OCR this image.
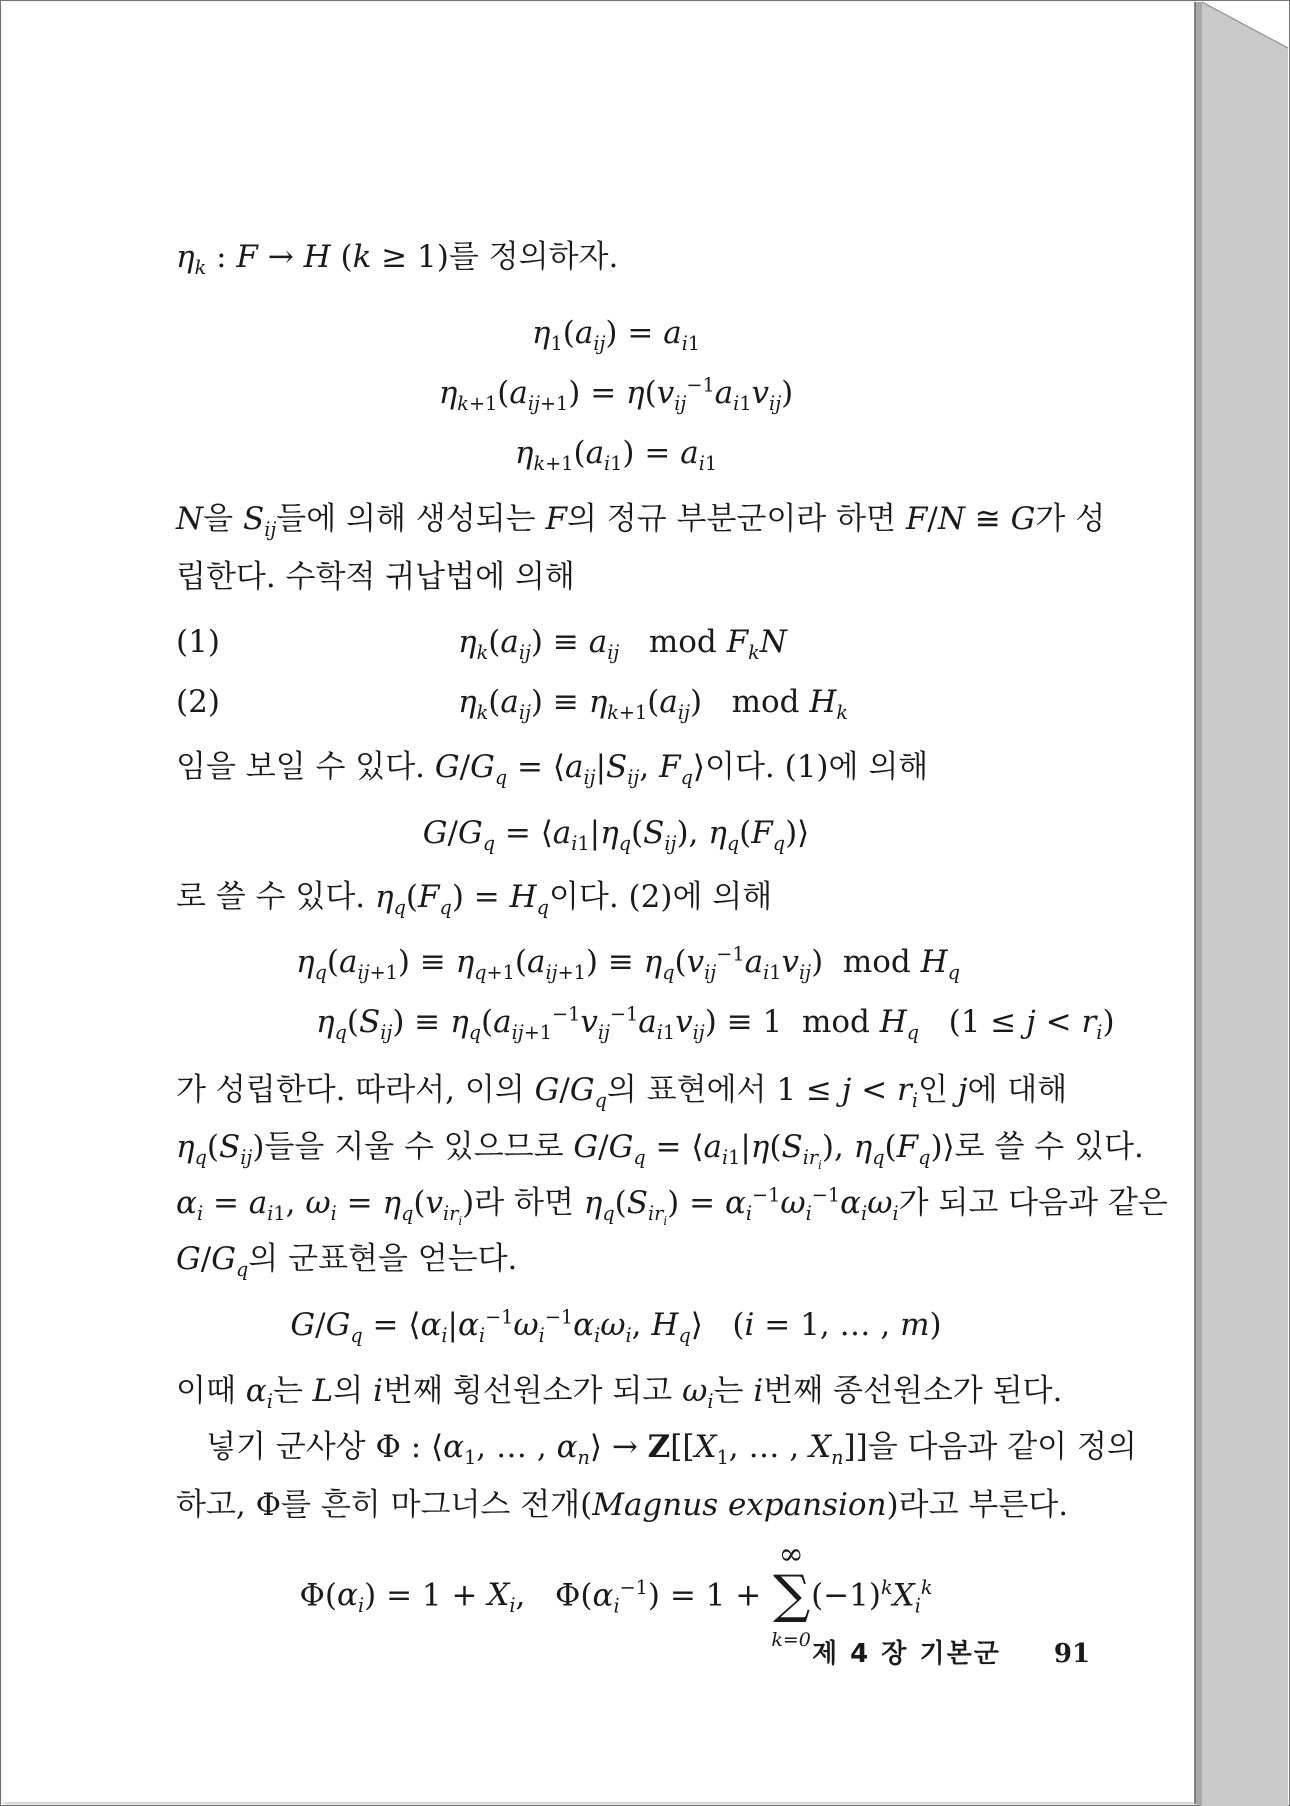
$\eta_k$ : F → H (k ≥ 1)를 정의하자.
$\eta_1(a_{ij}) = a_{i1}$
$\eta_{k+1}(a_{ij+1}) = \eta(v_{ij}^{-1}a_{i1}v_{ij})$
$\eta_{k+1}(a_{i1}) = a_{i1}$
N을 $S_{ij}$들에 의해 생성되는 F의 정규 부분군이라 하면 F/N ≅ G가 성
립한다. 수학적 귀납법에 의해
(1)	$\eta_k(a_{ij}) \equiv a_{ij}$ mod $F_kN$
(2)	$\eta_k(a_{ij}) \equiv \eta_{k+1}(a_{ij})$   mod $H_k$
임을 보일 수 있다. $G/G_q$ = $⟨a_{ij}|S_{ij}$, $F_q⟩$이다. (1)에 의해
$G/G_q$ = $⟨a_{i1}|\eta_q(S_{ij})$, $\eta_q(F_q)⟩$
로 쓸 수 있다. $\eta_q(F_q) = H_q$이다. (2)에 의해
$\eta_q(a_{ij+1}) \equiv \eta_{q+1}(a_{ij+1}) \equiv \eta_q(v_{ij}^{-1}a_{i1}v_{ij})$  mod $H_q$
$\eta_q(S_{ij}) \equiv \eta_q(a_{ij+1}^{-1}v_{ij}^{-1}a_{i1}v_{ij}) \equiv 1$  mod $H_q$   $(1 \le j < r_i)$
가 성립한다. 따라서, 이의 $G/G_q$의 표현에서 $1 \le j < r_i$인 j에 대해
$\eta_q(S_{ij})$들을 지울 수 있으므로 $G/G_q$ = $⟨a_{i1}|\eta(S_{ir_i})$, $\eta_q(F_q)⟩$로 쓸 수 있다.
$\alpha_i = a_{i1}$, $\omega_i = \eta_q(v_{ir_i})$라 하면 $\eta_q(S_{ir_i}) = \alpha_i^{-1}\omega_i^{-1}\alpha_i\omega_i$가 되고 다음과 같은
$G/G_q$의 군표현을 얻는다.
$G/G_q$ = $⟨\alpha_i|\alpha_i^{-1}\omega_i^{-1}\alpha_i\omega_i$, $H_q⟩$   (i = 1, … , m)
이때 $\alpha_i$는 L의 i번째 횡선원소가 되고 $\omega_i$는 i번째 종선원소가 된다.
넣기 군사상 Φ : $⟨\alpha_1$, … , $\alpha_n⟩ \to Z[[X_1$, … , $X_n$]]을 다음과 같이 정의
하고, Φ를 흔히 마그너스 전개(Magnus expansion)라고 부른다.
$\Phi(\alpha_i) = 1 + X_i$,   $\Phi(\alpha_i^{-1}) = 1$ +
∞
∑
k=0
$(-1)^kX_i^k$
제 4 장 기본군 91
